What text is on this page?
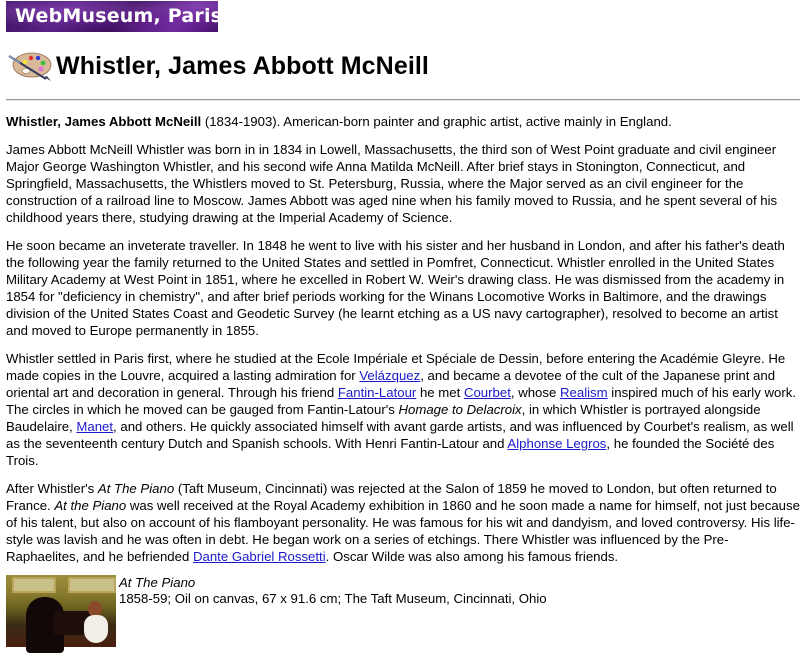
WebMuseum, Paris
Whistler, James Abbott McNeill

Whistler, James Abbott McNeill (1834-1903). American-born painter and graphic artist, active mainly in England.

James Abbott McNeill Whistler was born in in 1834 in Lowell, Massachusetts, the third son of West Point graduate and civil engineer Major George Washington Whistler, and his second wife Anna Matilda McNeill. After brief stays in Stonington, Connecticut, and Springfield, Massachusetts, the Whistlers moved to St. Petersburg, Russia, where the Major served as an civil engineer for the construction of a railroad line to Moscow. James Abbott was aged nine when his family moved to Russia, and he spent several of his childhood years there, studying drawing at the Imperial Academy of Science.

He soon became an inveterate traveller. In 1848 he went to live with his sister and her husband in London, and after his father's death the following year the family returned to the United States and settled in Pomfret, Connecticut. Whistler enrolled in the United States Military Academy at West Point in 1851, where he excelled in Robert W. Weir's drawing class. He was dismissed from the academy in 1854 for "deficiency in chemistry", and after brief periods working for the Winans Locomotive Works in Baltimore, and the drawings division of the United States Coast and Geodetic Survey (he learnt etching as a US navy cartographer), resolved to become an artist and moved to Europe permanently in 1855.

Whistler settled in Paris first, where he studied at the Ecole Impériale et Spéciale de Dessin, before entering the Académie Gleyre. He made copies in the Louvre, acquired a lasting admiration for Velázquez, and became a devotee of the cult of the Japanese print and oriental art and decoration in general. Through his friend Fantin-Latour he met Courbet, whose Realism inspired much of his early work. The circles in which he moved can be gauged from Fantin-Latour's Homage to Delacroix, in which Whistler is portrayed alongside Baudelaire, Manet, and others. He quickly associated himself with avant garde artists, and was influenced by Courbet's realism, as well as the seventeenth century Dutch and Spanish schools. With Henri Fantin-Latour and Alphonse Legros, he founded the Société des Trois.

After Whistler's At The Piano (Taft Museum, Cincinnati) was rejected at the Salon of 1859 he moved to London, but often returned to France. At the Piano was well received at the Royal Academy exhibition in 1860 and he soon made a name for himself, not just because of his talent, but also on account of his flamboyant personality. He was famous for his wit and dandyism, and loved controversy. His life-style was lavish and he was often in debt. He began work on a series of etchings. There Whistler was influenced by the Pre-Raphaelites, and he befriended Dante Gabriel Rossetti. Oscar Wilde was also among his famous friends.

At The Piano
1858-59; Oil on canvas, 67 x 91.6 cm; The Taft Museum, Cincinnati, Ohio
